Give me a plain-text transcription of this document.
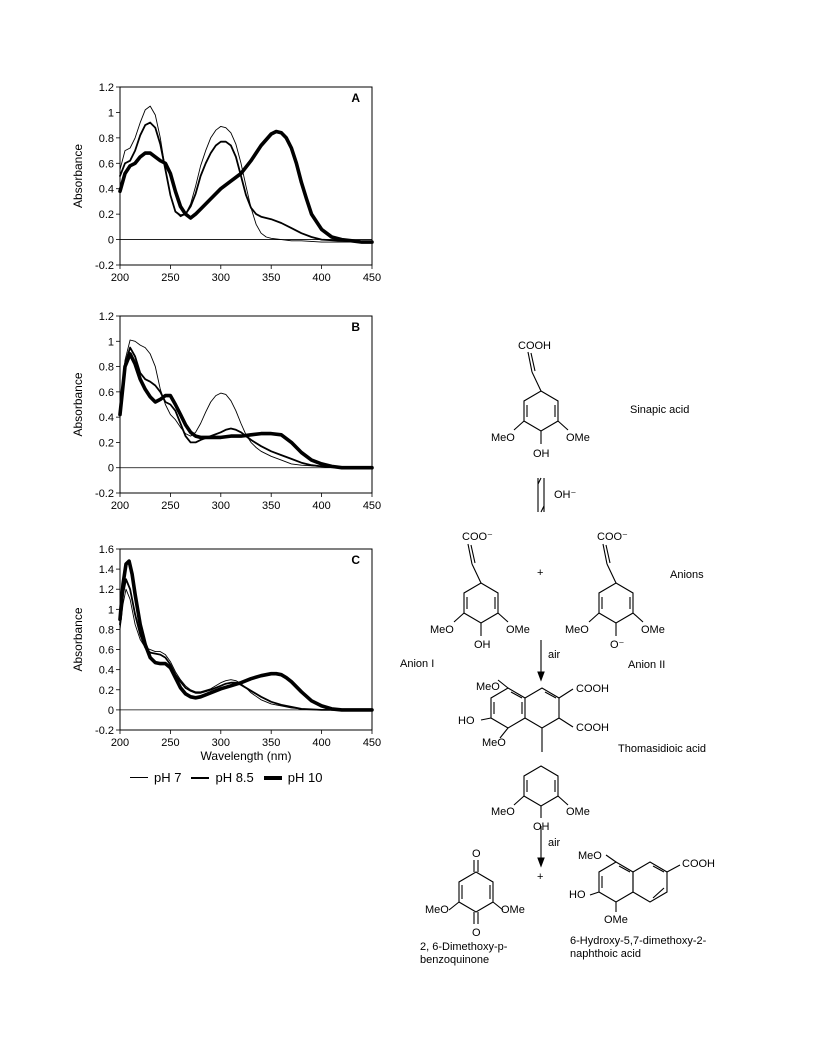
-0.2
0
0.2
0.4
0.6
0.8
1
1.2
200	250	300	350	400	450
Absorbance
A
-0.2
0
0.2
0.4
0.6
0.8
1
1.2
200	250	300	350	400	450
Absorbance
B
-0.2
0
0.2
0.4
0.6
0.8
1
1.2
1.4
1.6
200	250	300	350	400	450
Absorbance
Wavelength (nm)
C
pH 7	pH 8.5	pH 10
COOH
MeO	OMe
OH
Sinapic acid
OH⁻
COO⁻
MeO	OMe
OH
Anion I
+
COO⁻
MeO	OMe
O⁻
Anions
Anion II
air
MeO	COOH
HO
COOH
MeO	Thomasidioic acid
MeO	OMe
OH
air
O
MeO	OMe
O
2, 6-Dimethoxy-p-
benzoquinone
+
MeO
COOH
HO
OMe
6-Hydroxy-5,7-dimethoxy-2-
naphthoic acid
